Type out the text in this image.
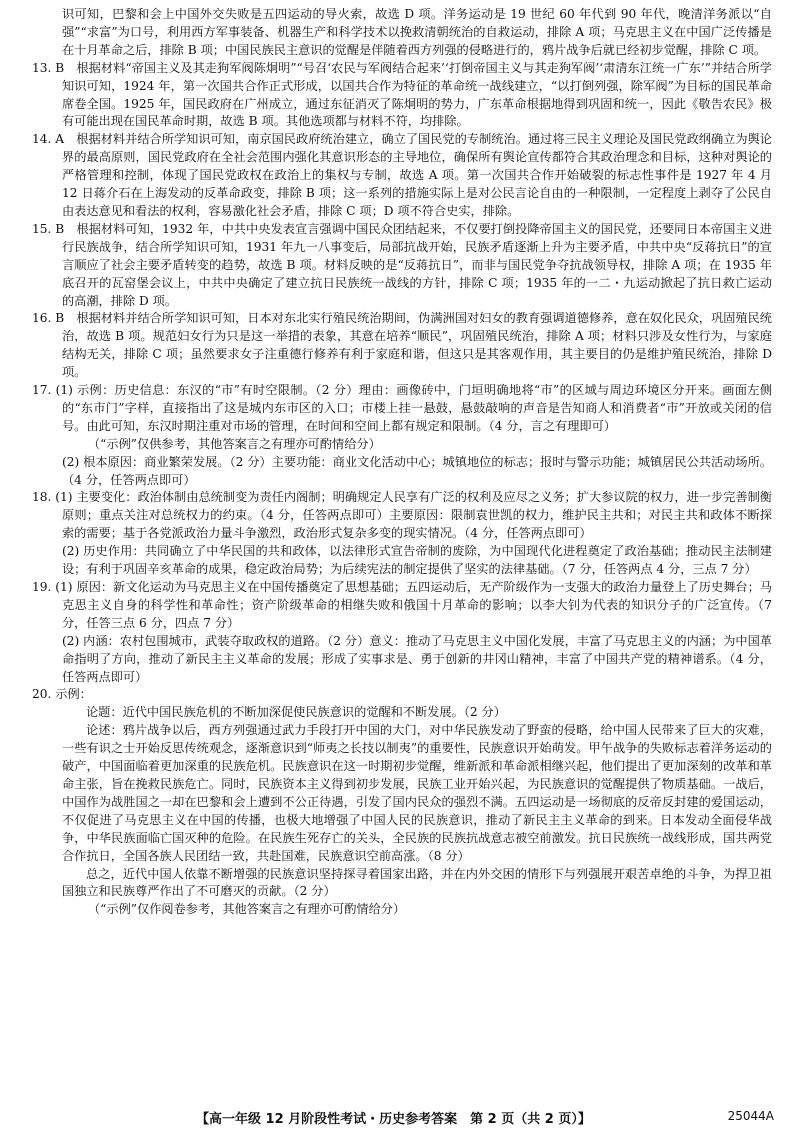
识可知，巴黎和会上中国外交失败是五四运动的导火索，故选 D 项。洋务运动是 19 世纪 60 年代到 90 年代，晚清洋务派以“自强”“求富”为口号，利用西方军事装备、机器生产和科学技术以挽救清朝统治的自救运动，排除 A 项；马克思主义在中国广泛传播是在十月革命之后，排除 B 项；中国民族民主意识的觉醒是伴随着西方列强的侵略进行的，鸦片战争后就已经初步觉醒，排除 C 项。

13. B　根据材料“帝国主义及其走狗军阀陈炯明”“号召‘农民与军阀结合起来’‘打倒帝国主义与其走狗军阀’‘肃清东江统一广东’”并结合所学知识可知，1924 年，第一次国共合作正式形成，以国共合作为特征的革命统一战线建立，“以打倒列强，除军阀”为目标的国民革命席卷全国。1925 年，国民政府在广州成立，通过东征消灭了陈炯明的势力，广东革命根据地得到巩固和统一，因此《敬告农民》极有可能出现在国民革命时期，故选 B 项。其他选项都与材料不符，均排除。

14. A　根据材料并结合所学知识可知，南京国民政府统治建立，确立了国民党的专制统治。通过将三民主义理论及国民党政纲确立为舆论界的最高原则，国民党政府在全社会范围内强化其意识形态的主导地位，确保所有舆论宣传都符合其政治理念和目标，这种对舆论的严格管理和控制，体现了国民党政权在政治上的集权与专制，故选 A 项。第一次国共合作开始破裂的标志性事件是 1927 年 4 月 12 日蒋介石在上海发动的反革命政变，排除 B 项；这一系列的措施实际上是对公民言论自由的一种限制，一定程度上剥夺了公民自由表达意见和看法的权利，容易激化社会矛盾，排除 C 项；D 项不符合史实，排除。

15. B　根据材料可知，1932 年，中共中央发表宣言强调中国民众团结起来，不仅要打倒投降帝国主义的国民党，还要同日本帝国主义进行民族战争，结合所学知识可知，1931 年九一八事变后，局部抗战开始，民族矛盾逐渐上升为主要矛盾，中共中央“反蒋抗日”的宣言顺应了社会主要矛盾转变的趋势，故选 B 项。材料反映的是“反蒋抗日”，而非与国民党争夺抗战领导权，排除 A 项；在 1935 年底召开的瓦窑堡会议上，中共中央确定了建立抗日民族统一战线的方针，排除 C 项；1935 年的一二・九运动掀起了抗日救亡运动的高潮，排除 D 项。

16. B　根据材料并结合所学知识可知，日本对东北实行殖民统治期间，伪满洲国对妇女的教育强调道德修养，意在奴化民众，巩固殖民统治，故选 B 项。规范妇女行为只是这一举措的表象，其意在培养“顺民”，巩固殖民统治，排除 A 项；材料只涉及女性行为，与家庭结构无关，排除 C 项；虽然要求女子注重德行修养有利于家庭和谐，但这只是其客观作用，其主要目的仍是维护殖民统治，排除 D 项。

17. (1) 示例：历史信息：东汉的“市”有时空限制。（2 分）理由：画像砖中，门垣明确地将“市”的区域与周边环境区分开来。画面左侧的“东市门”字样，直接指出了这是城内东市区的入口；市楼上挂一悬鼓，悬鼓敲响的声音是告知商人和消费者“市”开放或关闭的信号。由此可知，东汉时期注重对市场的管理，在时间和空间上都有规定和限制。（4 分，言之有理即可）

（“示例”仅供参考，其他答案言之有理亦可酌情给分）

(2) 根本原因：商业繁荣发展。（2 分）主要功能：商业文化活动中心；城镇地位的标志；报时与警示功能；城镇居民公共活动场所。（4 分，任答两点即可）

18. (1) 主要变化：政治体制由总统制变为责任内阁制；明确规定人民享有广泛的权利及应尽之义务；扩大参议院的权力，进一步完善制衡原则；重点关注对总统权力的约束。（4 分，任答两点即可）主要原因：限制袁世凯的权力，维护民主共和；对民主共和政体不断探索的需要；基于各党派政治力量斗争激烈，政治形式复杂多变的现实情况。（4 分，任答两点即可）

(2) 历史作用：共同确立了中华民国的共和政体，以法律形式宣告帝制的废除，为中国现代化进程奠定了政治基础；推动民主法制建设；有利于巩固辛亥革命的成果，稳定政治局势；为后续宪法的制定提供了坚实的法律基础。（7 分，任答两点 4 分，三点 7 分）

19. (1) 原因：新文化运动为马克思主义在中国传播奠定了思想基础；五四运动后，无产阶级作为一支强大的政治力量登上了历史舞台；马克思主义自身的科学性和革命性；资产阶级革命的相继失败和俄国十月革命的影响；以李大钊为代表的知识分子的广泛宣传。（7 分，任答三点 6 分，四点 7 分）

(2) 内涵：农村包围城市，武装夺取政权的道路。（2 分）意义：推动了马克思主义中国化发展，丰富了马克思主义的内涵；为中国革命指明了方向，推动了新民主主义革命的发展；形成了实事求是、勇于创新的井冈山精神，丰富了中国共产党的精神谱系。（4 分，任答两点即可）

20. 示例：

论题：近代中国民族危机的不断加深促使民族意识的觉醒和不断发展。（2 分）

论述：鸦片战争以后，西方列强通过武力手段打开中国的大门，对中华民族发动了野蛮的侵略，给中国人民带来了巨大的灾难，一些有识之士开始反思传统观念，逐渐意识到“师夷之长技以制夷”的重要性，民族意识开始萌发。甲午战争的失败标志着洋务运动的破产，中国面临着更加深重的民族危机。民族意识在这一时期初步觉醒，维新派和革命派相继兴起，他们提出了更加深刻的改革和革命主张，旨在挽救民族危亡。同时，民族资本主义得到初步发展，民族工业开始兴起，为民族意识的觉醒提供了物质基础。一战后，中国作为战胜国之一却在巴黎和会上遭到不公正待遇，引发了国内民众的强烈不满。五四运动是一场彻底的反帝反封建的爱国运动，不仅促进了马克思主义在中国的传播，也极大地增强了中国人民的民族意识，推动了新民主主义革命的到来。日本发动全面侵华战争，中华民族面临亡国灭种的危险。在民族生死存亡的关头，全民族的民族抗战意志被空前激发。抗日民族统一战线形成，国共两党合作抗日，全国各族人民团结一致，共赴国难，民族意识空前高涨。（8 分）

总之，近代中国人依靠不断增强的民族意识坚持探寻着国家出路，并在内外交困的情形下与列强展开艰苦卓绝的斗争，为捍卫祖国独立和民族尊严作出了不可磨灭的贡献。（2 分）

（“示例”仅作阅卷参考，其他答案言之有理亦可酌情给分）

【高一年级 12 月阶段性考试・历史参考答案　第 2 页（共 2 页）】	25044A
